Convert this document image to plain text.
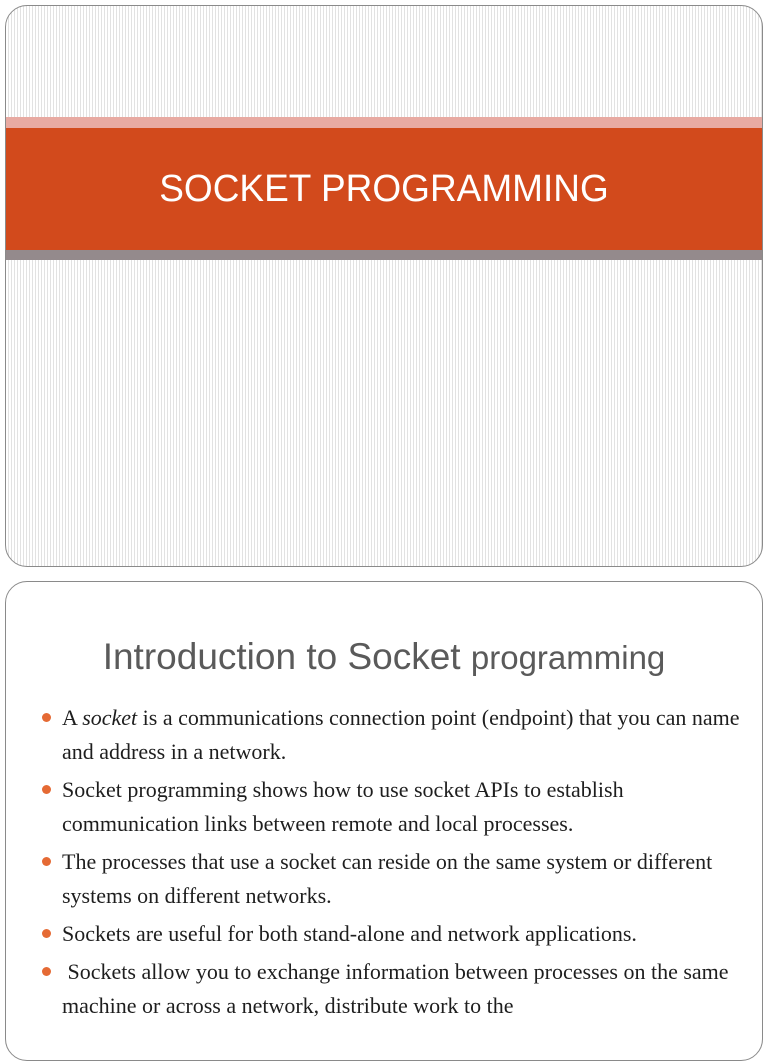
SOCKET PROGRAMMING
Introduction to Socket programming
A socket is a communications connection point (endpoint) that you can name and address in a network.
Socket programming shows how to use socket APIs to establish communication links between remote and local processes.
The processes that use a socket can reside on the same system or different systems on different networks.
Sockets are useful for both stand-alone and network applications.
Sockets allow you to exchange information between processes on the same machine or across a network, distribute work to the
